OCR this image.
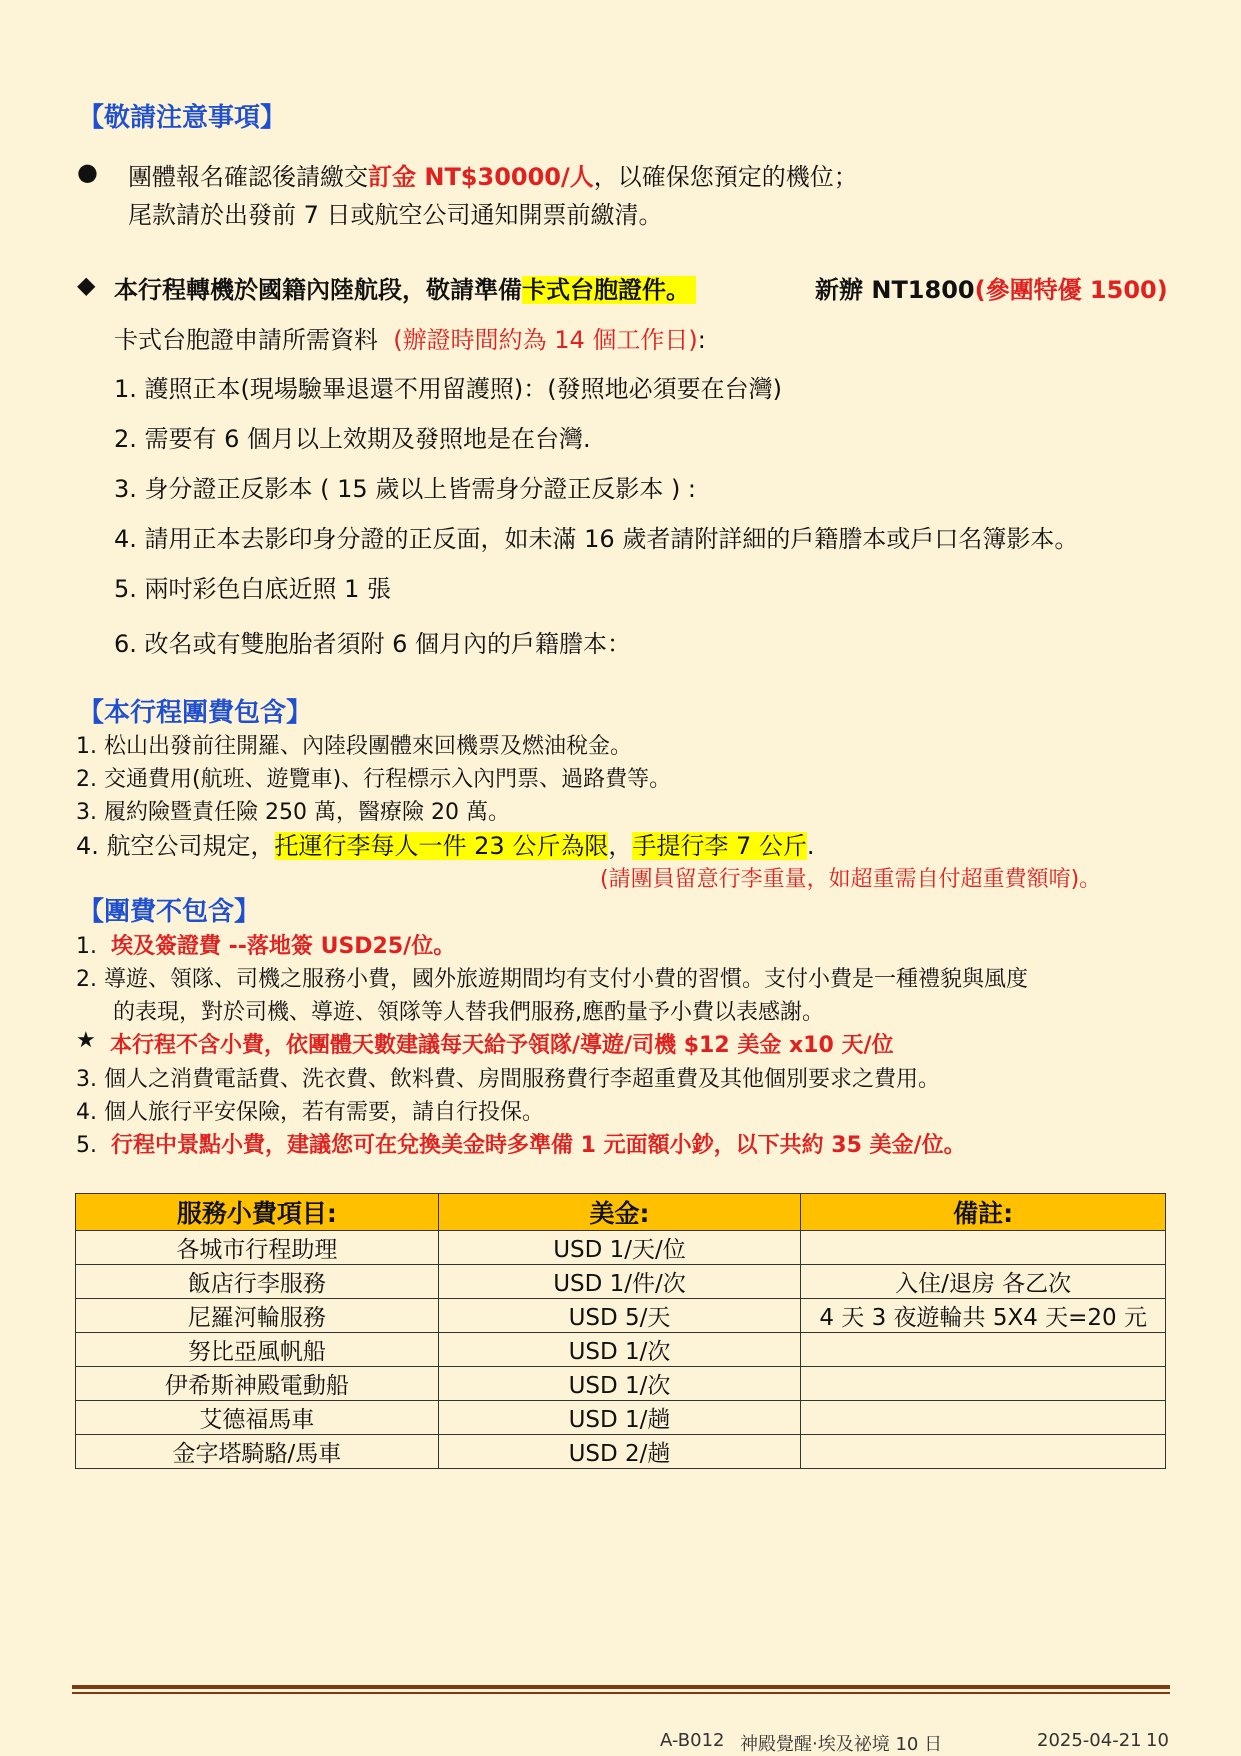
【敬請注意事項】
● 團體報名確認後請繳交訂金 NT$30000/人，以確保您預定的機位；
尾款請於出發前 7 日或航空公司通知開票前繳清。
◆ 本行程轉機於國籍內陸航段，敬請準備卡式台胞證件。	新辦 NT1800(參團特優 1500)
卡式台胞證申請所需資料 (辦證時間約為 14 個工作日):
1. 護照正本(現場驗畢退還不用留護照)：(發照地必須要在台灣)
2. 需要有 6 個月以上效期及發照地是在台灣.
3. 身分證正反影本 ( 15 歲以上皆需身分證正反影本 ) :
4. 請用正本去影印身分證的正反面，如未滿 16 歲者請附詳細的戶籍謄本或戶口名簿影本。
5. 兩吋彩色白底近照 1 張
6. 改名或有雙胞胎者須附 6 個月內的戶籍謄本：
【本行程團費包含】
1. 松山出發前往開羅、內陸段團體來回機票及燃油稅金。
2. 交通費用(航班、遊覽車)、行程標示入內門票、過路費等。
3. 履約險暨責任險 250 萬，醫療險 20 萬。
4. 航空公司規定，托運行李每人一件 23 公斤為限，手提行李 7 公斤.
(請團員留意行李重量，如超重需自付超重費額唷)。
【團費不包含】
1. 埃及簽證費 --落地簽 USD25/位。
2. 導遊、領隊、司機之服務小費，國外旅遊期間均有支付小費的習慣。支付小費是一種禮貌與風度
的表現，對於司機、導遊、領隊等人替我們服務,應酌量予小費以表感謝。
★ 本行程不含小費，依團體天數建議每天給予領隊/導遊/司機 $12 美金 x10 天/位
3. 個人之消費電話費、洗衣費、飲料費、房間服務費行李超重費及其他個別要求之費用。
4. 個人旅行平安保險，若有需要，請自行投保。
5. 行程中景點小費，建議您可在兌換美金時多準備 1 元面額小鈔，以下共約 35 美金/位。
服務小費項目:	美金:	備註:
各城市行程助理	USD 1/天/位	
飯店行李服務	USD 1/件/次	入住/退房 各乙次
尼羅河輪服務	USD 5/天	4 天 3 夜遊輪共 5X4 天=20 元
努比亞風帆船	USD 1/次	
伊希斯神殿電動船	USD 1/次	
艾德福馬車	USD 1/趟	
金字塔騎駱/馬車	USD 2/趟	
A-B012 神殿覺醒‧埃及祕境 10 日	2025-04-21 10
